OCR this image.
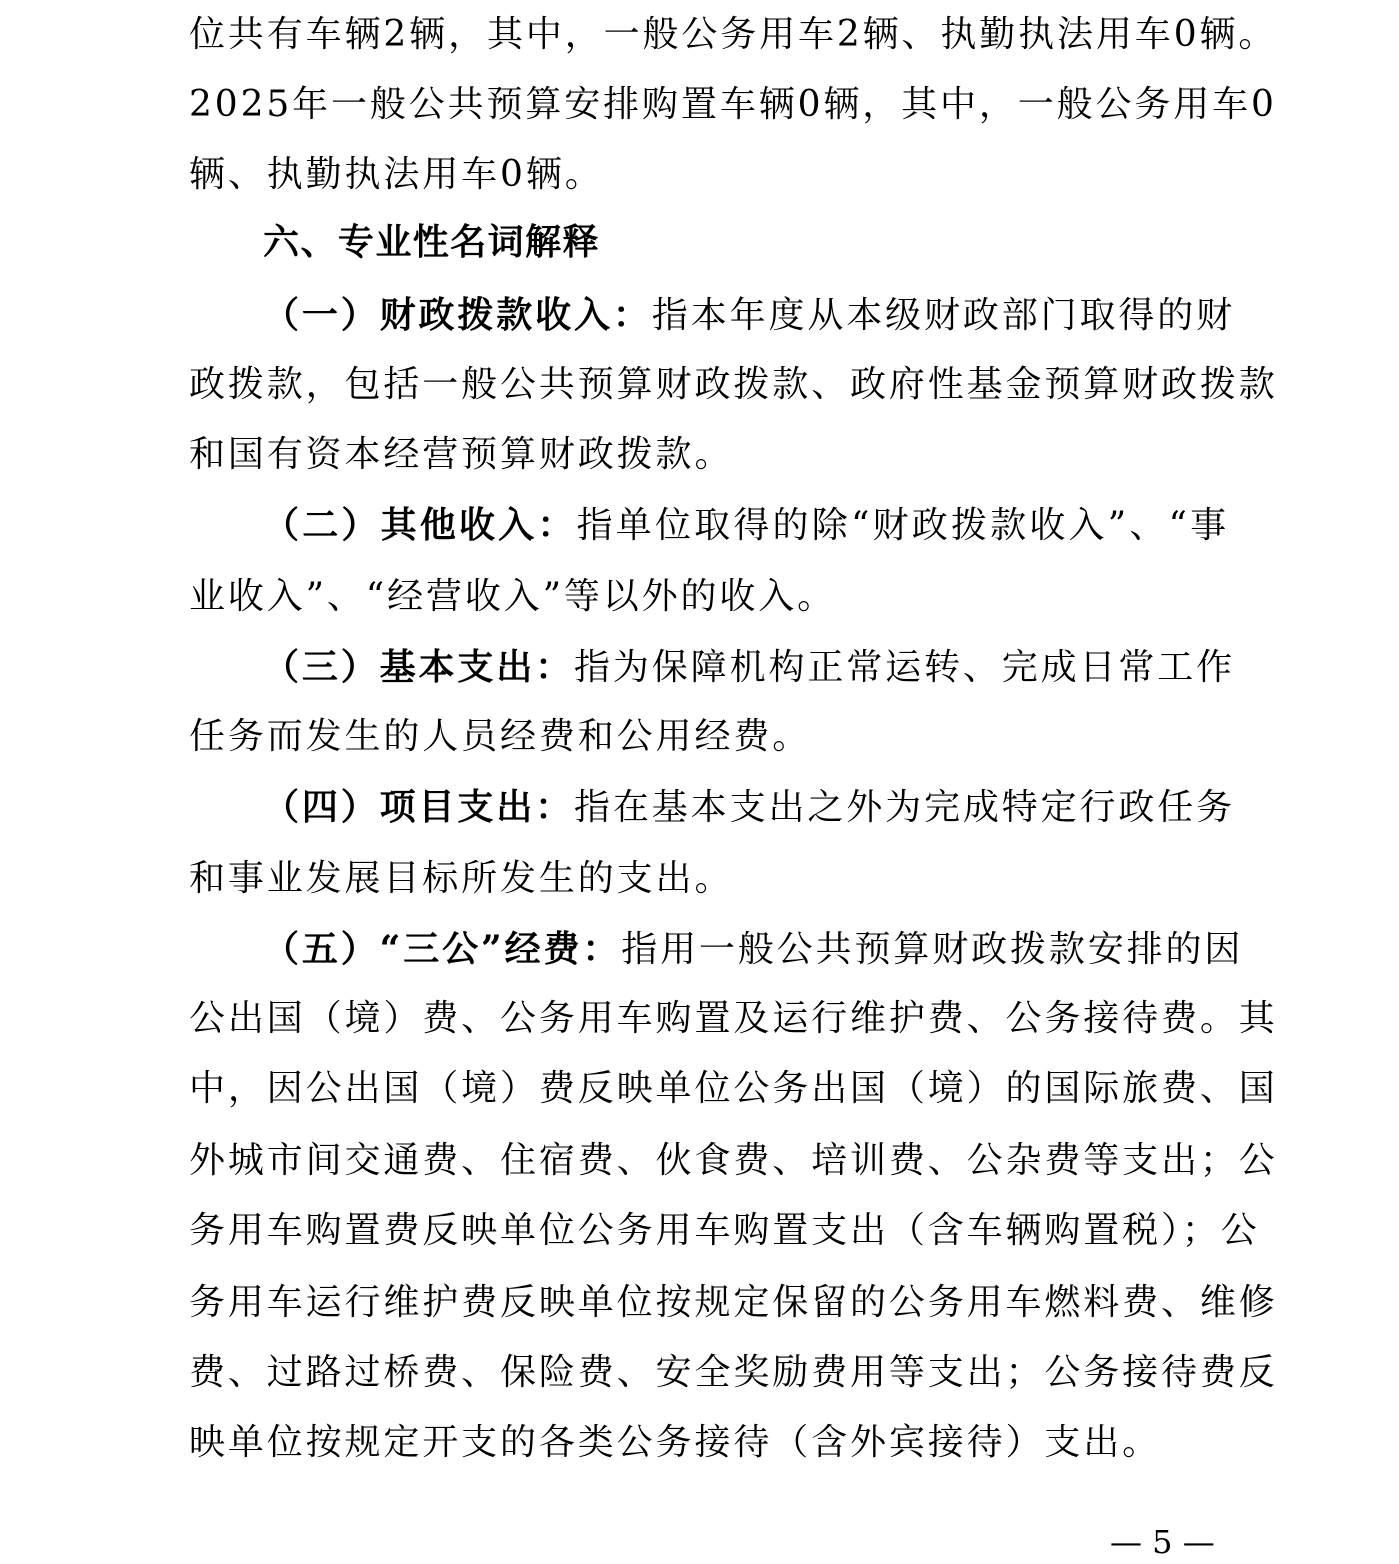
位共有车辆2辆，其中，一般公务用车2辆、执勤执法用车0辆。
2025年一般公共预算安排购置车辆0辆，其中，一般公务用车0
辆、执勤执法用车0辆。
六、专业性名词解释
（一）财政拨款收入：指本年度从本级财政部门取得的财
政拨款，包括一般公共预算财政拨款、政府性基金预算财政拨款
和国有资本经营预算财政拨款。
（二）其他收入：指单位取得的除“财政拨款收入”、“事
业收入”、“经营收入”等以外的收入。
（三）基本支出：指为保障机构正常运转、完成日常工作
任务而发生的人员经费和公用经费。
（四）项目支出：指在基本支出之外为完成特定行政任务
和事业发展目标所发生的支出。
（五）“三公”经费：指用一般公共预算财政拨款安排的因
公出国（境）费、公务用车购置及运行维护费、公务接待费。其
中，因公出国（境）费反映单位公务出国（境）的国际旅费、国
外城市间交通费、住宿费、伙食费、培训费、公杂费等支出；公
务用车购置费反映单位公务用车购置支出（含车辆购置税）；公
务用车运行维护费反映单位按规定保留的公务用车燃料费、维修
费、过路过桥费、保险费、安全奖励费用等支出；公务接待费反
映单位按规定开支的各类公务接待（含外宾接待）支出。
— 5 —
